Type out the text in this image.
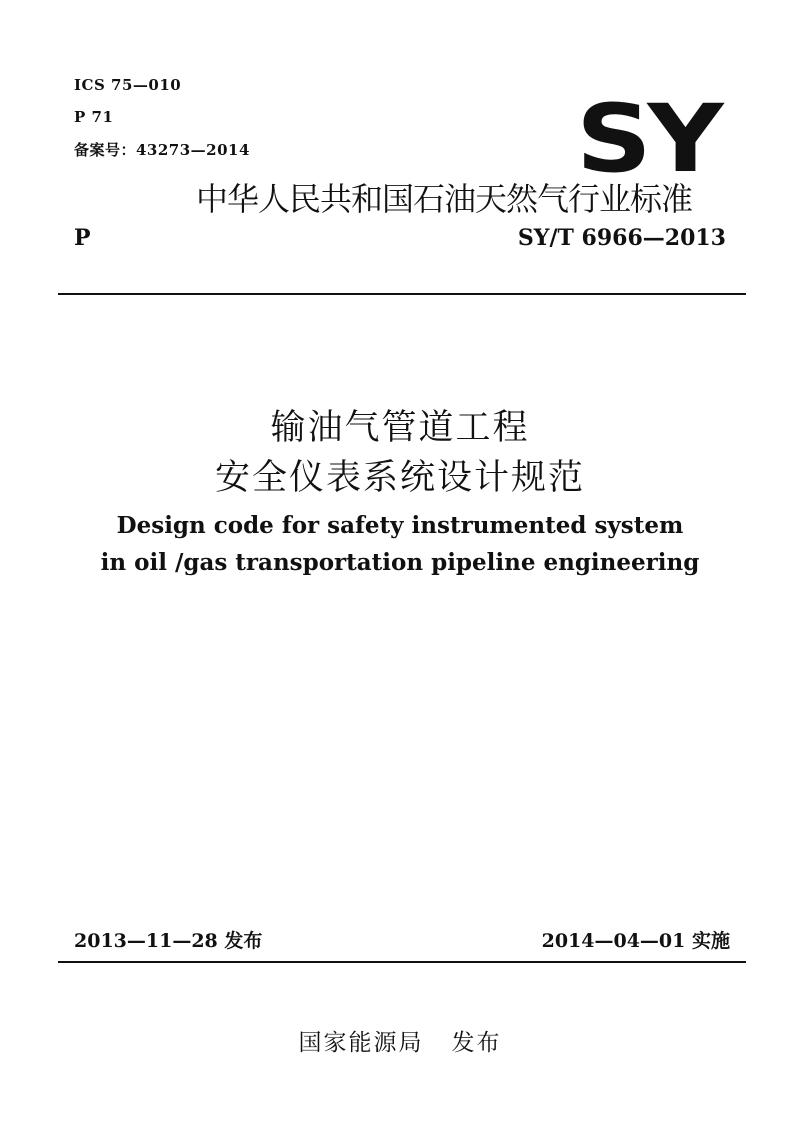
ICS 75—010
P 71
备案号：43273—2014	SY
中华人民共和国石油天然气行业标准
P	SY/T 6966—2013
输油气管道工程
安全仪表系统设计规范
Design code for safety instrumented system
in oil /gas transportation pipeline engineering
2013—11—28 发布	2014—04—01 实施
国家能源局   发布
